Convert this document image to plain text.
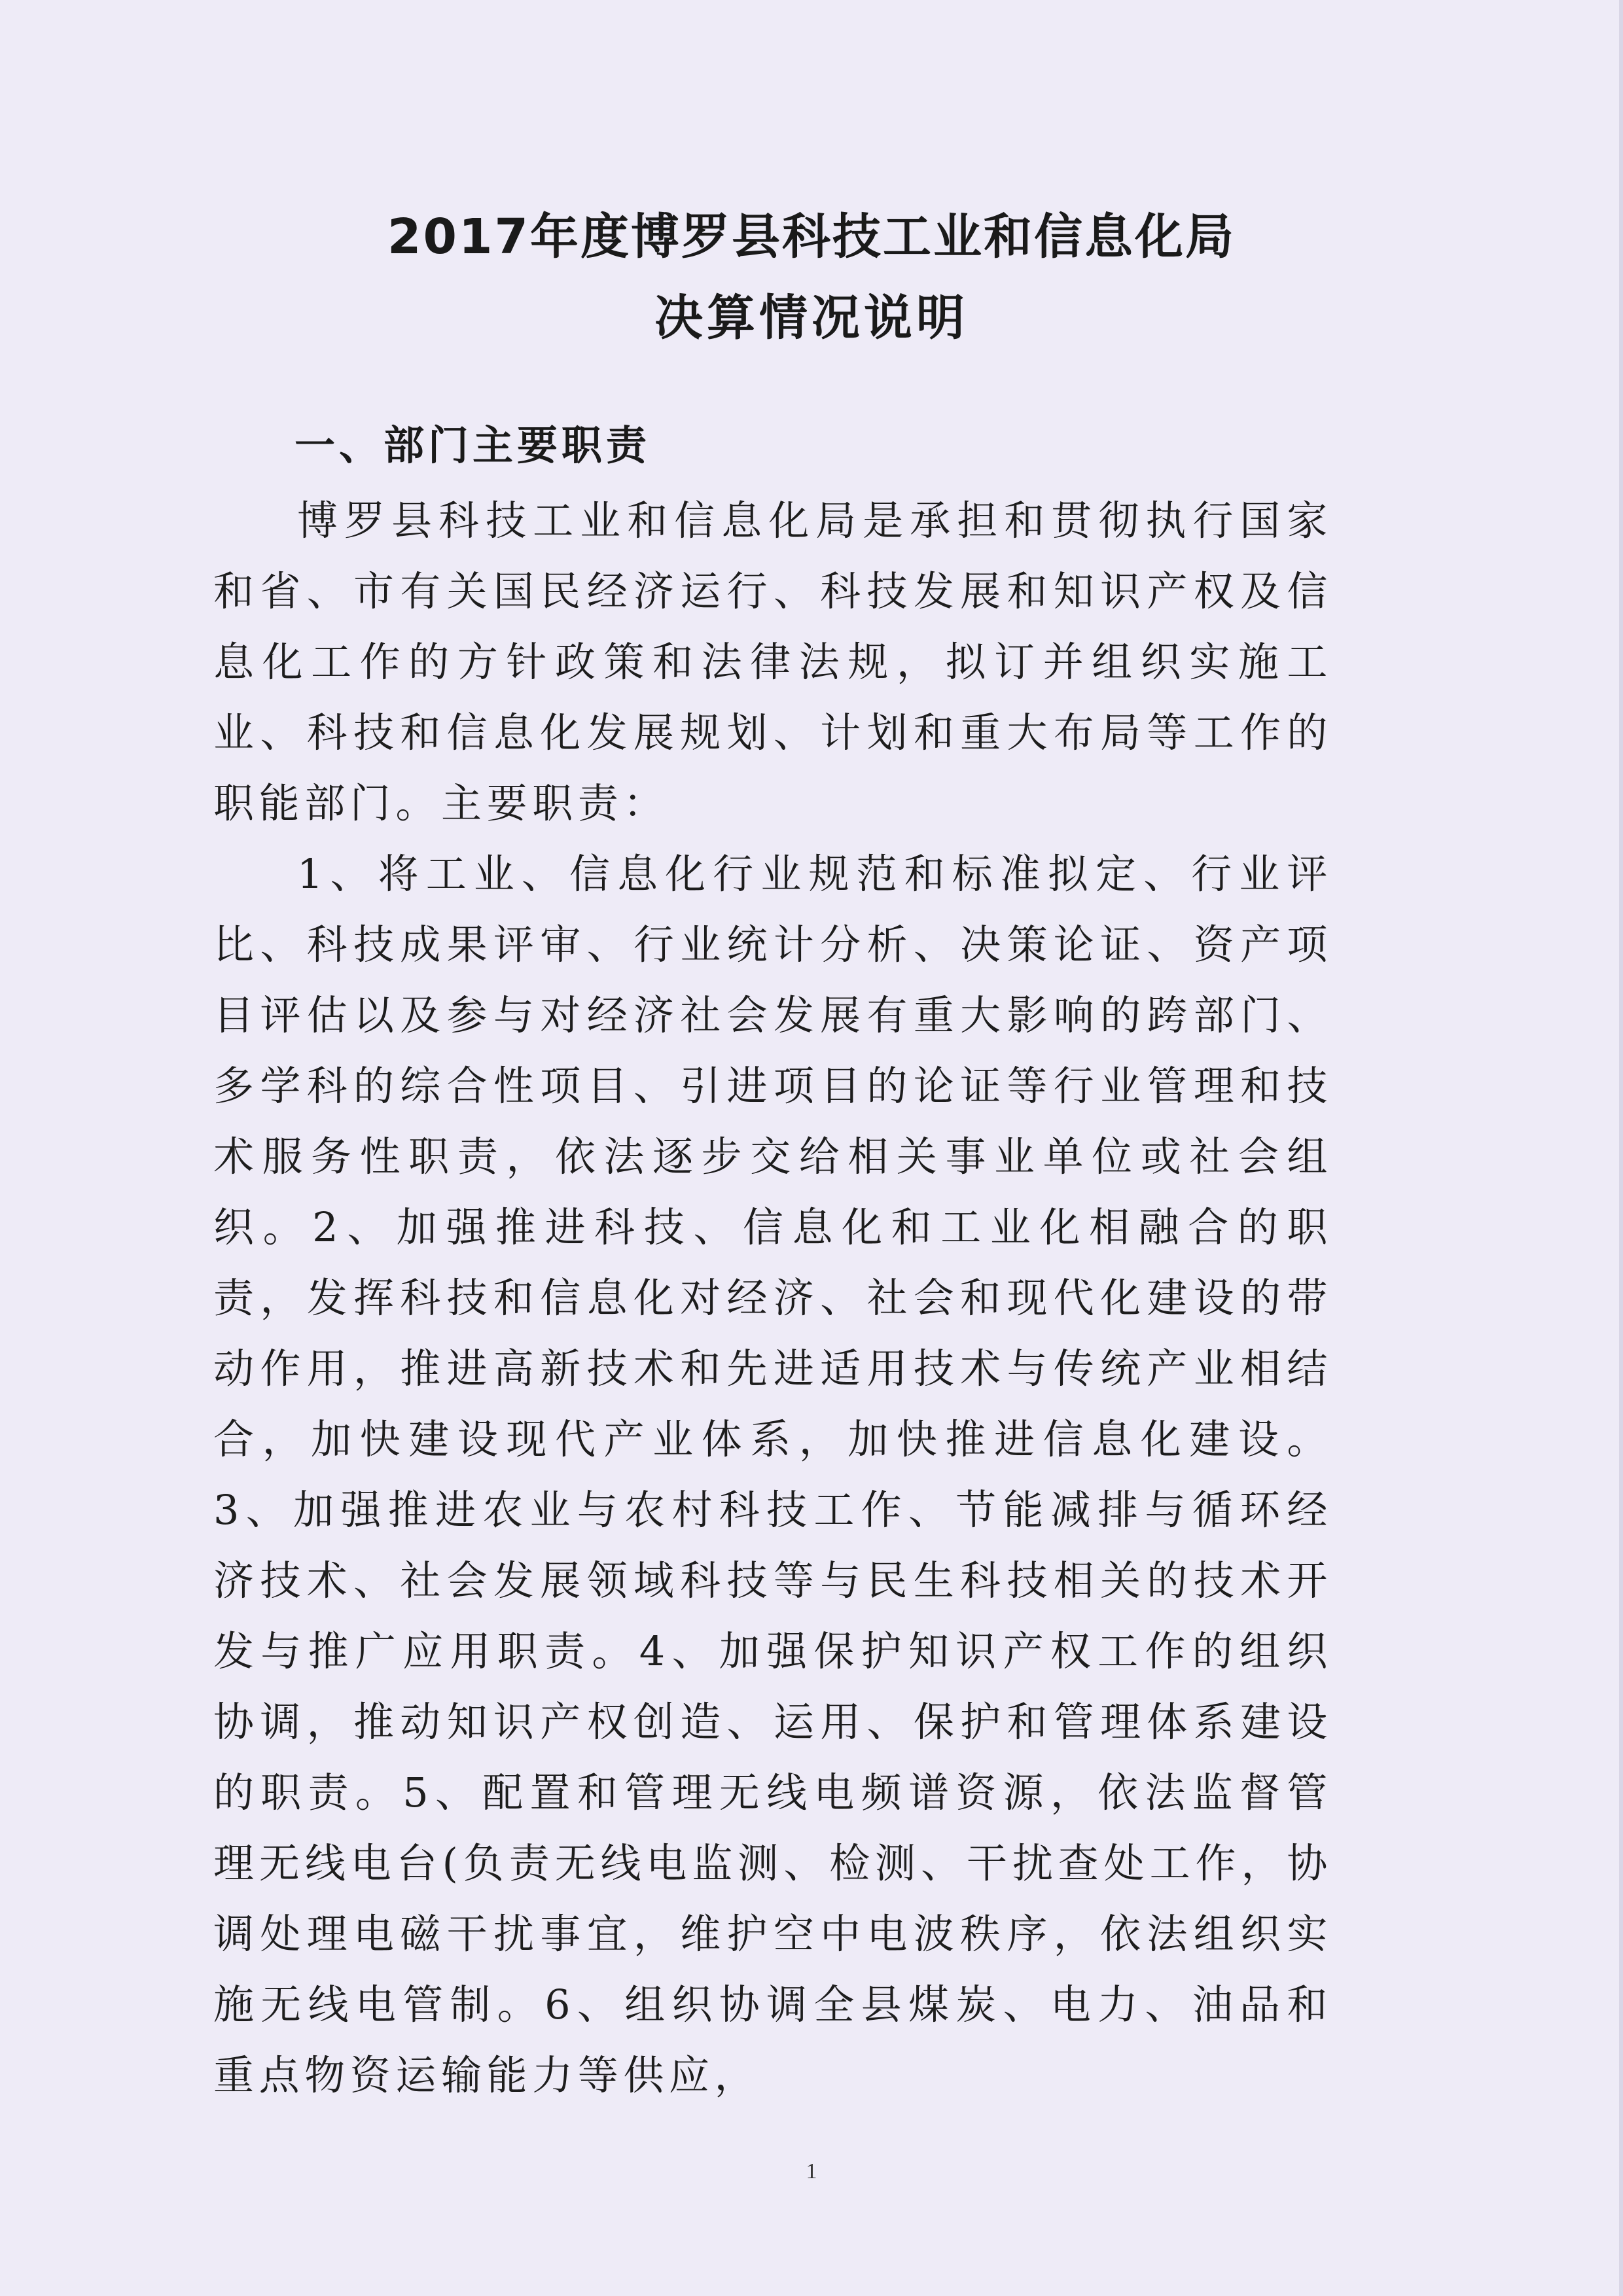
2017年度博罗县科技工业和信息化局
决算情况说明
一、部门主要职责

博罗县科技工业和信息化局是承担和贯彻执行国家和省、市有关国民经济运行、科技发展和知识产权及信息化工作的方针政策和法律法规，拟订并组织实施工业、科技和信息化发展规划、计划和重大布局等工作的职能部门。主要职责：

1、将工业、信息化行业规范和标准拟定、行业评比、科技成果评审、行业统计分析、决策论证、资产项目评估以及参与对经济社会发展有重大影响的跨部门、多学科的综合性项目、引进项目的论证等行业管理和技术服务性职责，依法逐步交给相关事业单位或社会组织。2、加强推进科技、信息化和工业化相融合的职责，发挥科技和信息化对经济、社会和现代化建设的带动作用，推进高新技术和先进适用技术与传统产业相结合，加快建设现代产业体系，加快推进信息化建设。3、加强推进农业与农村科技工作、节能减排与循环经济技术、社会发展领域科技等与民生科技相关的技术开发与推广应用职责。4、加强保护知识产权工作的组织协调，推动知识产权创造、运用、保护和管理体系建设的职责。5、配置和管理无线电频谱资源，依法监督管理无线电台(负责无线电监测、检测、干扰查处工作，协调处理电磁干扰事宜，维护空中电波秩序，依法组织实施无线电管制。6、组织协调全县煤炭、电力、油品和重点物资运输能力等供应，

1
